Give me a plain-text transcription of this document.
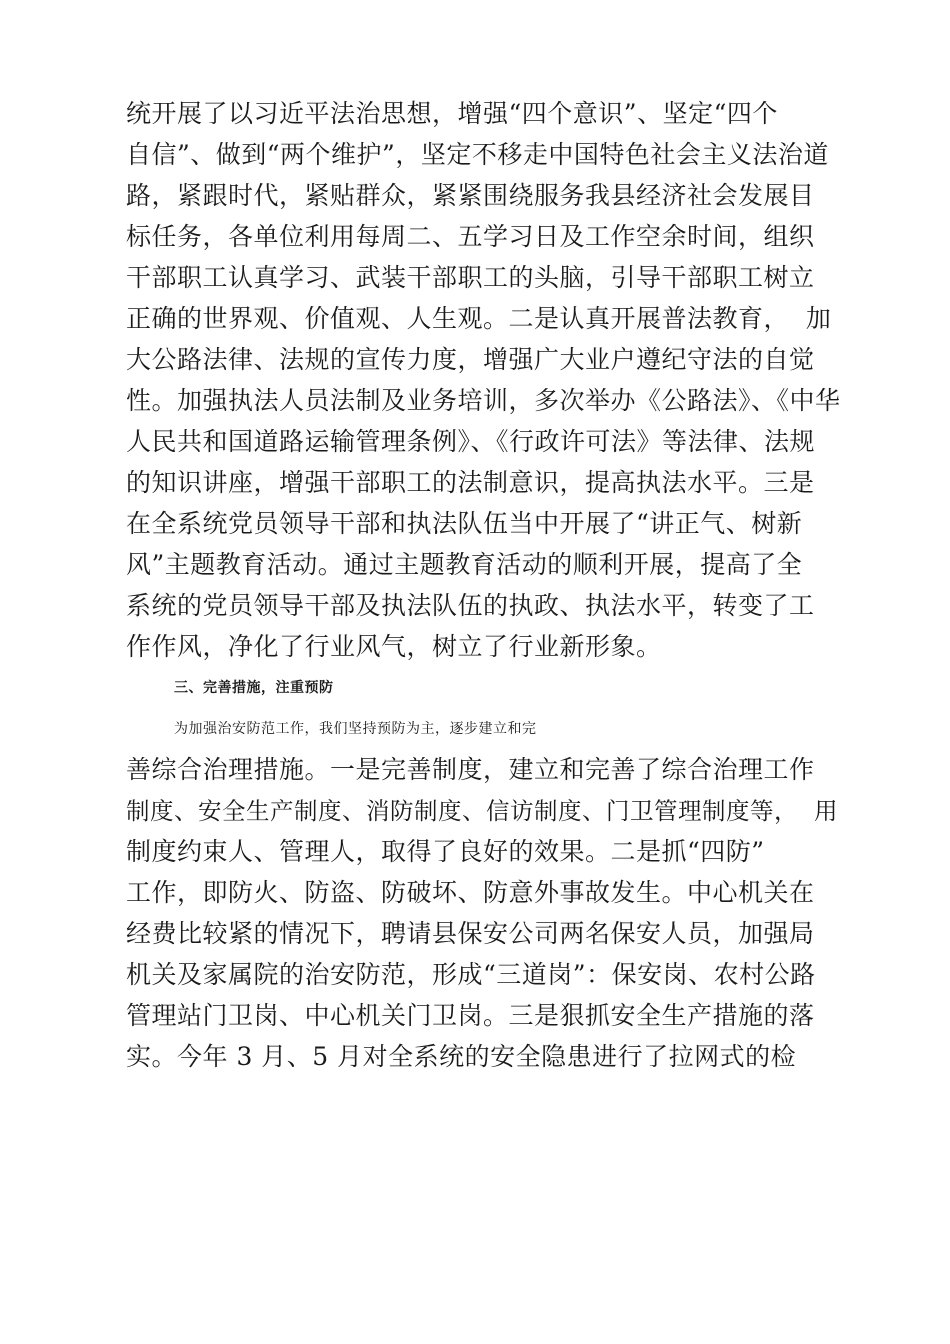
统开展了以习近平法治思想，增强“四个意识”、坚定“四个
自信”、做到“两个维护”，坚定不移走中国特色社会主义法治道
路，紧跟时代，紧贴群众，紧紧围绕服务我县经济社会发展目
标任务，各单位利用每周二、五学习日及工作空余时间，组织
干部职工认真学习、武装干部职工的头脑，引导干部职工树立
正确的世界观、价值观、人生观。二是认真开展普法教育，  加
大公路法律、法规的宣传力度，增强广大业户遵纪守法的自觉
性。加强执法人员法制及业务培训，多次举办《公路法》、《中华
人民共和国道路运输管理条例》、《行政许可法》等法律、法规
的知识讲座，增强干部职工的法制意识，提高执法水平。三是
在全系统党员领导干部和执法队伍当中开展了“讲正气、树新
风”主题教育活动。通过主题教育活动的顺利开展，提高了全
系统的党员领导干部及执法队伍的执政、执法水平，转变了工
作作风，净化了行业风气，树立了行业新形象。
三、完善措施，注重预防
为加强治安防范工作，我们坚持预防为主，逐步建立和完
善综合治理措施。一是完善制度，建立和完善了综合治理工作
制度、安全生产制度、消防制度、信访制度、门卫管理制度等，  用
制度约束人、管理人，取得了良好的效果。二是抓“四防”
工作，即防火、防盗、防破坏、防意外事故发生。中心机关在
经费比较紧的情况下，聘请县保安公司两名保安人员，加强局
机关及家属院的治安防范，形成“三道岗”：保安岗、农村公路
管理站门卫岗、中心机关门卫岗。三是狠抓安全生产措施的落
实。今年 3 月、5 月对全系统的安全隐患进行了拉网式的检
